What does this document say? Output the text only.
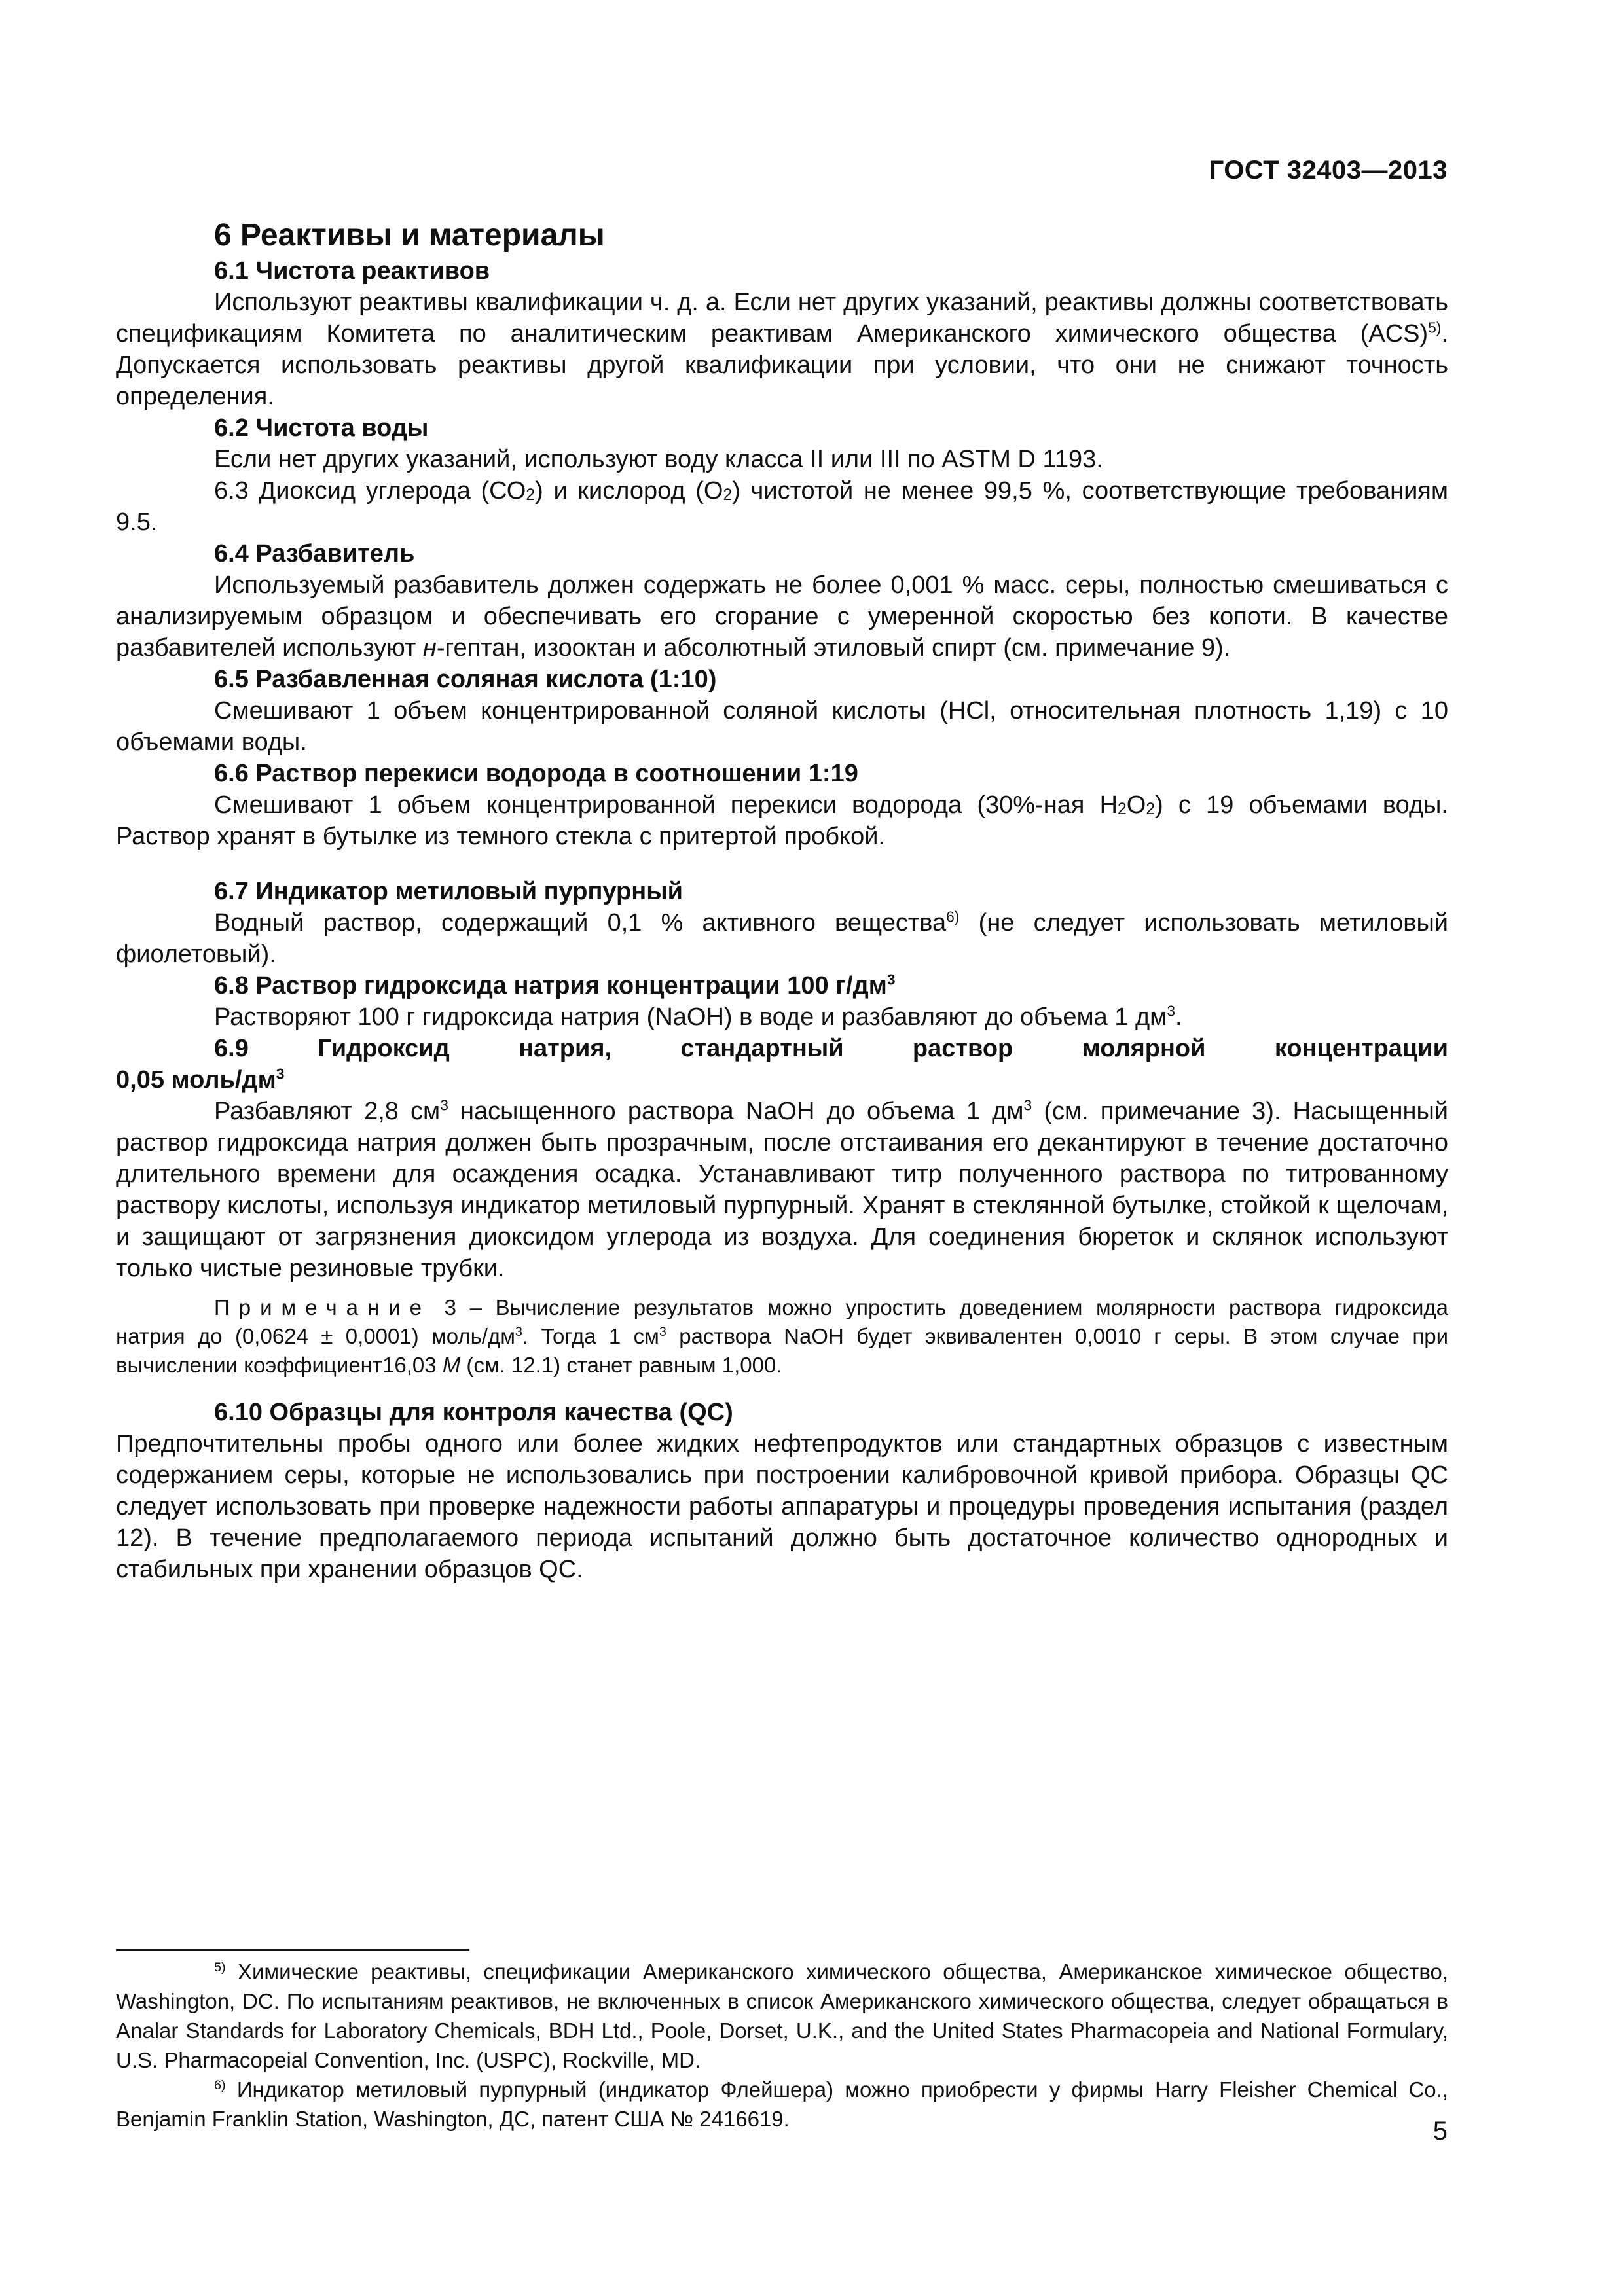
ГОСТ 32403—2013

6 Реактивы и материалы

6.1 Чистота реактивов

Используют реактивы квалификации ч. д. а. Если нет других указаний, реактивы должны соответствовать спецификациям Комитета по аналитическим реактивам Американского химического общества (ACS)$^{5)}$. Допускается использовать реактивы другой квалификации при условии, что они не снижают точность определения.

6.2 Чистота воды

Если нет других указаний, используют воду класса II или III по ASTM D 1193.

6.3 Диоксид углерода $(СО_2)$ и кислород $(О_2)$ чистотой не менее 99,5 %, соответствующие требованиям 9.5.

6.4 Разбавитель

Используемый разбавитель должен содержать не более 0,001 % масс. серы, полностью смешиваться с анализируемым образцом и обеспечивать его сгорание с умеренной скоростью без копоти. В качестве разбавителей используют н-гептан, изооктан и абсолютный этиловый спирт (см. примечание 9).

6.5 Разбавленная соляная кислота (1:10)

Смешивают 1 объем концентрированной соляной кислоты (HCl, относительная плотность 1,19) с 10 объемами воды.

6.6 Раствор перекиси водорода в соотношении 1:19

Смешивают 1 объем концентрированной перекиси водорода (30%-ная $Н_2О_2$) с 19 объемами воды. Раствор хранят в бутылке из темного стекла с притертой пробкой.

6.7 Индикатор метиловый пурпурный

Водный раствор, содержащий 0,1 % активного вещества$^{6)}$ (не следует использовать метиловый фиолетовый).

6.8 Раствор гидроксида натрия концентрации 100 $г/дм^3$

Растворяют 100 г гидроксида натрия (NaOH) в воде и разбавляют до объема 1 $дм^3$.

6.9	Гидроксид	натрия,	стандартный	раствор	молярной	концентрации

0,05 моль/$дм^3$

Разбавляют 2,8 $см^3$ насыщенного раствора NaOH до объема 1 $дм^3$ (см. примечание 3). Насыщенный раствор гидроксида натрия должен быть прозрачным, после отстаивания его декантируют в течение достаточно длительного времени для осаждения осадка. Устанавливают титр полученного раствора по титрованному раствору кислоты, используя индикатор метиловый пурпурный. Хранят в стеклянной бутылке, стойкой к щелочам, и защищают от загрязнения диоксидом углерода из воздуха. Для соединения бюреток и склянок используют только чистые резиновые трубки.

Примечание 3 – Вычисление результатов можно упростить доведением молярности раствора гидроксида натрия до (0,0624 ± 0,0001) моль/$дм^3$. Тогда 1 $см^3$ раствора NaOH будет эквивалентен 0,0010 г серы. В этом случае при вычислении коэффициент16,03 M (см. 12.1) станет равным 1,000.

6.10 Образцы для контроля качества (QC)

Предпочтительны пробы одного или более жидких нефтепродуктов или стандартных образцов с известным содержанием серы, которые не использовались при построении калибровочной кривой прибора. Образцы QC следует использовать при проверке надежности работы аппаратуры и процедуры проведения испытания (раздел 12). В течение предполагаемого периода испытаний должно быть достаточное количество однородных и стабильных при хранении образцов QC.

$^{5)}$ Химические реактивы, спецификации Американского химического общества, Американское химическое общество, Washington, DC. По испытаниям реактивов, не включенных в список Американского химического общества, следует обращаться в Analar Standards for Laboratory Chemicals, BDH Ltd., Poole, Dorset, U.K., and the United States Pharmacopeia and National Formulary, U.S. Pharmacopeial Convention, Inc. (USPC), Rockville, MD.

$^{6)}$ Индикатор метиловый пурпурный (индикатор Флейшера) можно приобрести у фирмы Harry Fleisher Chemical Co., Benjamin Franklin Station, Washington, ДС, патент США № 2416619.	5
